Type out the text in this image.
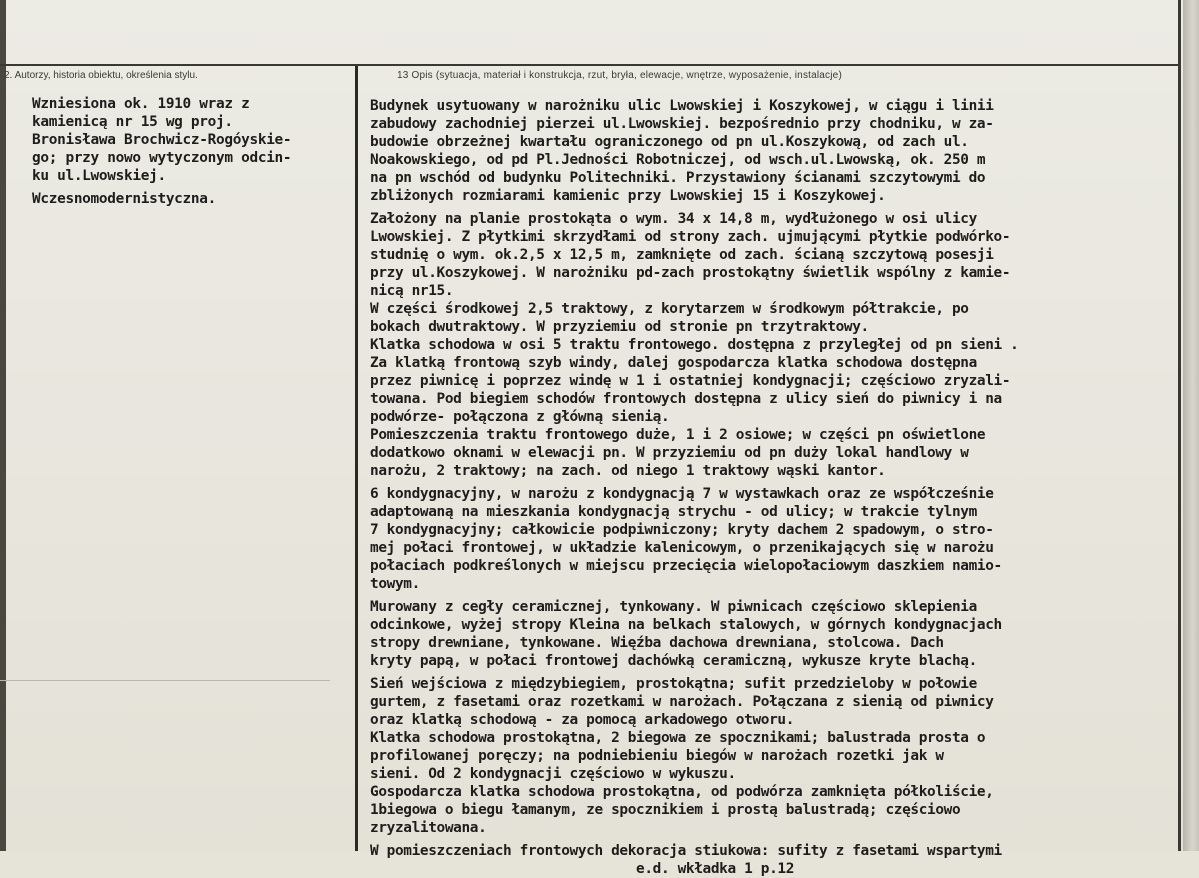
2. Autorzy, historia obiektu, określenia stylu.	13 Opis (sytuacja, materiał i konstrukcja, rzut, bryła, elewacje, wnętrze, wyposażenie, instalacje)
Wzniesiona ok. 1910 wraz z
kamienicą nr 15 wg proj.
Bronisława Brochwicz-Rogóyskie-
go; przy nowo wytyczonym odcin-
ku ul.Lwowskiej.
Wczesnomodernistyczna.
Budynek usytuowany w narożniku ulic Lwowskiej i Koszykowej, w ciągu i linii
zabudowy zachodniej pierzei ul.Lwowskiej. bezpośrednio przy chodniku, w za-
budowie obrzeżnej kwartału ograniczonego od pn ul.Koszykową, od zach ul.
Noakowskiego, od pd Pl.Jedności Robotniczej, od wsch.ul.Lwowską, ok. 250 m
na pn wschód od budynku Politechniki. Przystawiony ścianami szczytowymi do
zbliżonych rozmiarami kamienic przy Lwowskiej 15 i Koszykowej.
Założony na planie prostokąta o wym. 34 x 14,8 m, wydłużonego w osi ulicy
Lwowskiej. Z płytkimi skrzydłami od strony zach. ujmującymi płytkie podwórko-
studnię o wym. ok.2,5 x 12,5 m, zamknięte od zach. ścianą szczytową posesji
przy ul.Koszykowej. W narożniku pd-zach prostokątny świetlik wspólny z kamie-
nicą nr15.
W części środkowej 2,5 traktowy, z korytarzem w środkowym półtrakcie, po
bokach dwutraktowy. W przyziemiu od stronie pn trzytraktowy.
Klatka schodowa w osi 5 traktu frontowego. dostępna z przyległej od pn sieni .
Za klatką frontową szyb windy, dalej gospodarcza klatka schodowa dostępna
przez piwnicę i poprzez windę w 1 i ostatniej kondygnacji; częściowo zryzali-
towana. Pod biegiem schodów frontowych dostępna z ulicy sień do piwnicy i na
podwórze- połączona z główną sienią.
Pomieszczenia traktu frontowego duże, 1 i 2 osiowe; w części pn oświetlone
dodatkowo oknami w elewacji pn. W przyziemiu od pn duży lokal handlowy w
narożu, 2 traktowy; na zach. od niego 1 traktowy wąski kantor.
6 kondygnacyjny, w narożu z kondygnacją 7 w wystawkach oraz ze współcześnie
adaptowaną na mieszkania kondygnacją strychu - od ulicy; w trakcie tylnym
7 kondygnacyjny; całkowicie podpiwniczony; kryty dachem 2 spadowym, o stro-
mej połaci frontowej, w układzie kalenicowym, o przenikających się w narożu
połaciach podkreślonych w miejscu przecięcia wielopołaciowym daszkiem namio-
towym.
Murowany z cegły ceramicznej, tynkowany. W piwnicach częściowo sklepienia
odcinkowe, wyżej stropy Kleina na belkach stalowych, w górnych kondygnacjach
stropy drewniane, tynkowane. Więźba dachowa drewniana, stolcowa. Dach
kryty papą, w połaci frontowej dachówką ceramiczną, wykusze kryte blachą.
Sień wejściowa z międzybiegiem, prostokątna; sufit przedzieloby w połowie
gurtem, z fasetami oraz rozetkami w narożach. Połączana z sienią od piwnicy
oraz klatką schodową - za pomocą arkadowego otworu.
Klatka schodowa prostokątna, 2 biegowa ze spocznikami; balustrada prosta o
profilowanej poręczy; na podniebieniu biegów w narożach rozetki jak w
sieni. Od 2 kondygnacji częściowo w wykuszu.
Gospodarcza klatka schodowa prostokątna, od podwórza zamknięta półkoliście,
1biegowa o biegu łamanym, ze spocznikiem i prostą balustradą; częściowo
zryzalitowana.
W pomieszczeniach frontowych dekoracja stiukowa: sufity z fasetami wspartymi
e.d. wkładka 1 p.12
